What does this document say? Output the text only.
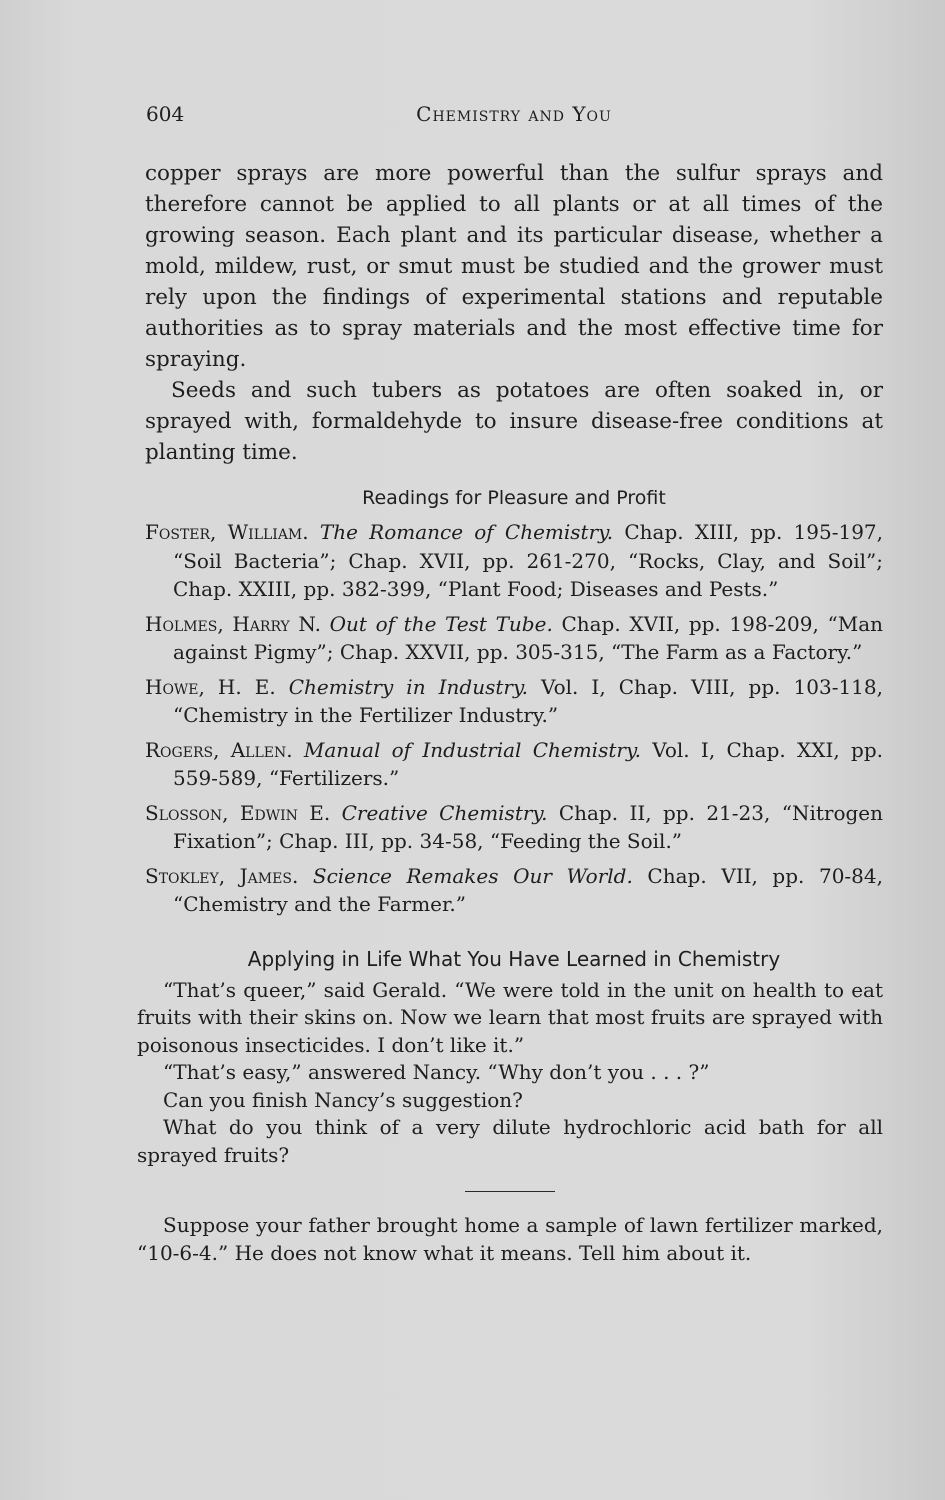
604	Chemistry and You

copper sprays are more powerful than the sulfur sprays and therefore cannot be applied to all plants or at all times of the growing season. Each plant and its particular disease, whether a mold, mildew, rust, or smut must be studied and the grower must rely upon the findings of experimental stations and reputable authorities as to spray materials and the most effective time for spraying.

Seeds and such tubers as potatoes are often soaked in, or sprayed with, formaldehyde to insure disease-free conditions at planting time.

Readings for Pleasure and Profit
Foster, William. The Romance of Chemistry. Chap. XIII, pp. 195-197, “Soil Bacteria”; Chap. XVII, pp. 261-270, “Rocks, Clay, and Soil”; Chap. XXIII, pp. 382-399, “Plant Food; Diseases and Pests.”
Holmes, Harry N. Out of the Test Tube. Chap. XVII, pp. 198-209, “Man against Pigmy”; Chap. XXVII, pp. 305-315, “The Farm as a Factory.”
Howe, H. E. Chemistry in Industry. Vol. I, Chap. VIII, pp. 103-118, “Chemistry in the Fertilizer Industry.”
Rogers, Allen. Manual of Industrial Chemistry. Vol. I, Chap. XXI, pp. 559-589, “Fertilizers.”
Slosson, Edwin E. Creative Chemistry. Chap. II, pp. 21-23, “Nitrogen Fixation”; Chap. III, pp. 34-58, “Feeding the Soil.”
Stokley, James. Science Remakes Our World. Chap. VII, pp. 70-84, “Chemistry and the Farmer.”
Applying in Life What You Have Learned in Chemistry

“That’s queer,” said Gerald. “We were told in the unit on health to eat fruits with their skins on. Now we learn that most fruits are sprayed with poisonous insecticides. I don’t like it.”

“That’s easy,” answered Nancy. “Why don’t you . . . ?”

Can you finish Nancy’s suggestion?

What do you think of a very dilute hydrochloric acid bath for all sprayed fruits?

Suppose your father brought home a sample of lawn fertilizer marked, “10-6-4.” He does not know what it means. Tell him about it.
